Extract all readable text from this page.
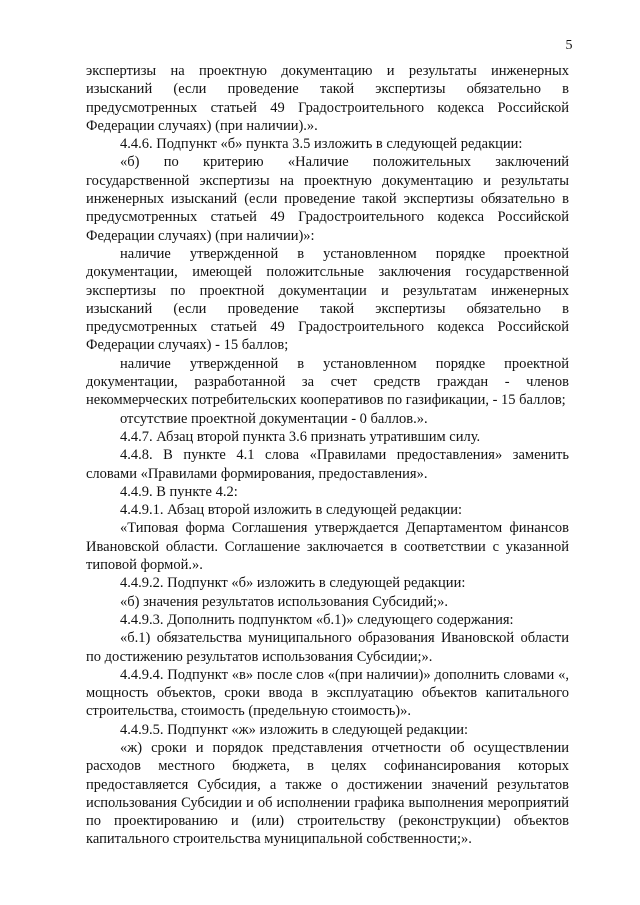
5

экспертизы на проектную документацию и результаты инженерных изысканий (если проведение такой экспертизы обязательно в предусмотренных статьей 49 Градостроительного кодекса Российской Федерации случаях) (при наличии).».

4.4.6. Подпункт «б» пункта 3.5 изложить в следующей редакции:

«б) по критерию «Наличие положительных заключений государственной экспертизы на проектную документацию и результаты инженерных изысканий (если проведение такой экспертизы обязательно в предусмотренных статьей 49 Градостроительного кодекса Российской Федерации случаях) (при наличии)»:

наличие утвержденной в установленном порядке проектной документации, имеющей положитсльные заключения государственной экспертизы по проектной документации и результатам инженерных изысканий (если проведение такой экспертизы обязательно в предусмотренных статьей 49 Градостроительного кодекса Российской Федерации случаях) - 15 баллов;

наличие утвержденной в установленном порядке проектной документации, разработанной за счет средств граждан - членов некоммерческих потребительских кооперативов по газификации, - 15 баллов;

отсутствие проектной документации - 0 баллов.».

4.4.7. Абзац второй пункта 3.6 признать утратившим силу.

4.4.8. В пункте 4.1 слова «Правилами предоставления» заменить словами «Правилами формирования, предоставления».

4.4.9. В пункте 4.2:

4.4.9.1. Абзац второй изложить в следующей редакции:

«Типовая форма Соглашения утверждается Департаментом финансов Ивановской области. Соглашение заключается в соответствии с указанной типовой формой.».

4.4.9.2. Подпункт «б» изложить в следующей редакции:

«б) значения результатов использования Субсидий;».

4.4.9.3. Дополнить подпунктом «б.1)» следующего содержания:

«б.1) обязательства муниципального образования Ивановской области по достижению результатов использования Субсидии;».

4.4.9.4. Подпункт «в» после слов «(при наличии)» дополнить словами «, мощность объектов, сроки ввода в эксплуатацию объектов капитального строительства, стоимость (предельную стоимость)».

4.4.9.5. Подпункт «ж» изложить в следующей редакции:

«ж) сроки и порядок представления отчетности об осуществлении расходов местного бюджета, в целях софинансирования которых предоставляется Субсидия, а также о достижении значений результатов использования Субсидии и об исполнении графика выполнения мероприятий по проектированию и (или) строительству (реконструкции) объектов капитального строительства муниципальной собственности;».
